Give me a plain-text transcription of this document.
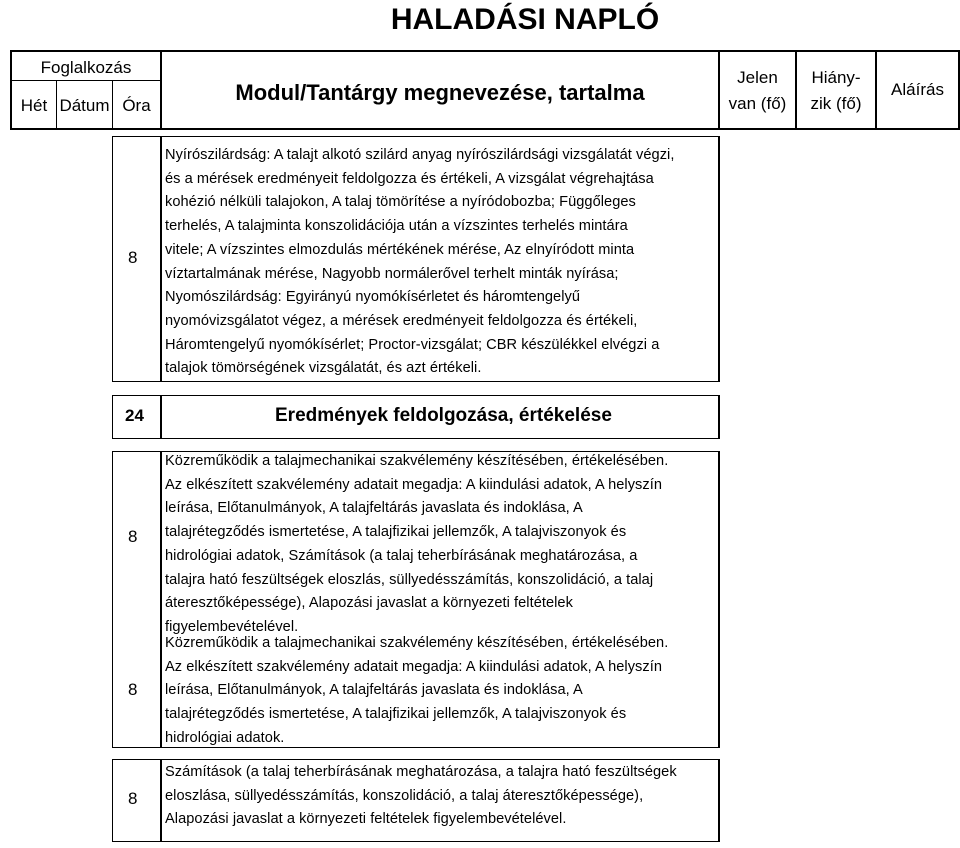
HALADÁSI NAPLÓ
Foglalkozás
Hét Dátum Óra
Modul/Tantárgy megnevezése, tartalma
Jelen
van (fő)
Hiány-
zik (fő)
Aláírás
8
Nyírószilárdság: A talajt alkotó szilárd anyag nyírószilárdsági vizsgálatát végzi,
és a mérések eredményeit feldolgozza és értékeli, A vizsgálat végrehajtása
kohézió nélküli talajokon, A talaj tömörítése a nyíródobozba; Függőleges
terhelés, A talajminta konszolidációja után a vízszintes terhelés mintára
vitele; A vízszintes elmozdulás mértékének mérése, Az elnyíródott minta
víztartalmának mérése, Nagyobb normálerővel terhelt minták nyírása;
Nyomószilárdság: Egyirányú nyomókísérletet és háromtengelyű
nyomóvizsgálatot végez, a mérések eredményeit feldolgozza és értékeli,
Háromtengelyű nyomókísérlet; Proctor-vizsgálat; CBR készülékkel elvégzi a
talajok tömörségének vizsgálatát, és azt értékeli.
24	Eredmények feldolgozása, értékelése
8
Közreműködik a talajmechanikai szakvélemény készítésében, értékelésében.
Az elkészített szakvélemény adatait megadja: A kiindulási adatok, A helyszín
leírása, Előtanulmányok, A talajfeltárás javaslata és indoklása, A
talajrétegződés ismertetése, A talajfizikai jellemzők, A talajviszonyok és
hidrológiai adatok, Számítások (a talaj teherbírásának meghatározása, a
talajra ható feszültségek eloszlás, süllyedésszámítás, konszolidáció, a talaj
áteresztőképessége), Alapozási javaslat a környezeti feltételek
figyelembevételével.
8
Közreműködik a talajmechanikai szakvélemény készítésében, értékelésében.
Az elkészített szakvélemény adatait megadja: A kiindulási adatok, A helyszín
leírása, Előtanulmányok, A talajfeltárás javaslata és indoklása, A
talajrétegződés ismertetése, A talajfizikai jellemzők, A talajviszonyok és
hidrológiai adatok.
8
Számítások (a talaj teherbírásának meghatározása, a talajra ható feszültségek
eloszlása, süllyedésszámítás, konszolidáció, a talaj áteresztőképessége),
Alapozási javaslat a környezeti feltételek figyelembevételével.
